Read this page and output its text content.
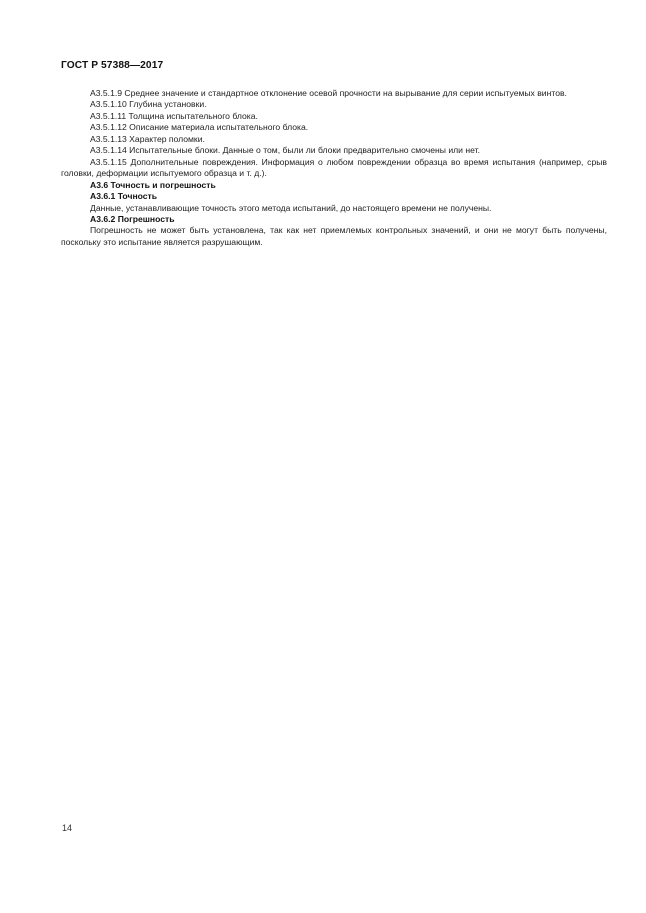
ГОСТ Р 57388—2017

А3.5.1.9 Среднее значение и стандартное отклонение осевой прочности на вырывание для серии испытуемых винтов.

А3.5.1.10 Глубина установки.

А3.5.1.11 Толщина испытательного блока.

А3.5.1.12 Описание материала испытательного блока.

А3.5.1.13 Характер поломки.

А3.5.1.14 Испытательные блоки. Данные о том, были ли блоки предварительно смочены или нет.

А3.5.1.15 Дополнительные повреждения. Информация о любом повреждении образца во время испытания (например, срыв головки, деформации испытуемого образца и т. д.).

А3.6 Точность и погрешность

А3.6.1 Точность

Данные, устанавливающие точность этого метода испытаний, до настоящего времени не получены.

А3.6.2 Погрешность

Погрешность не может быть установлена, так как нет приемлемых контрольных значений, и они не могут быть получены, поскольку это испытание является разрушающим.

14
